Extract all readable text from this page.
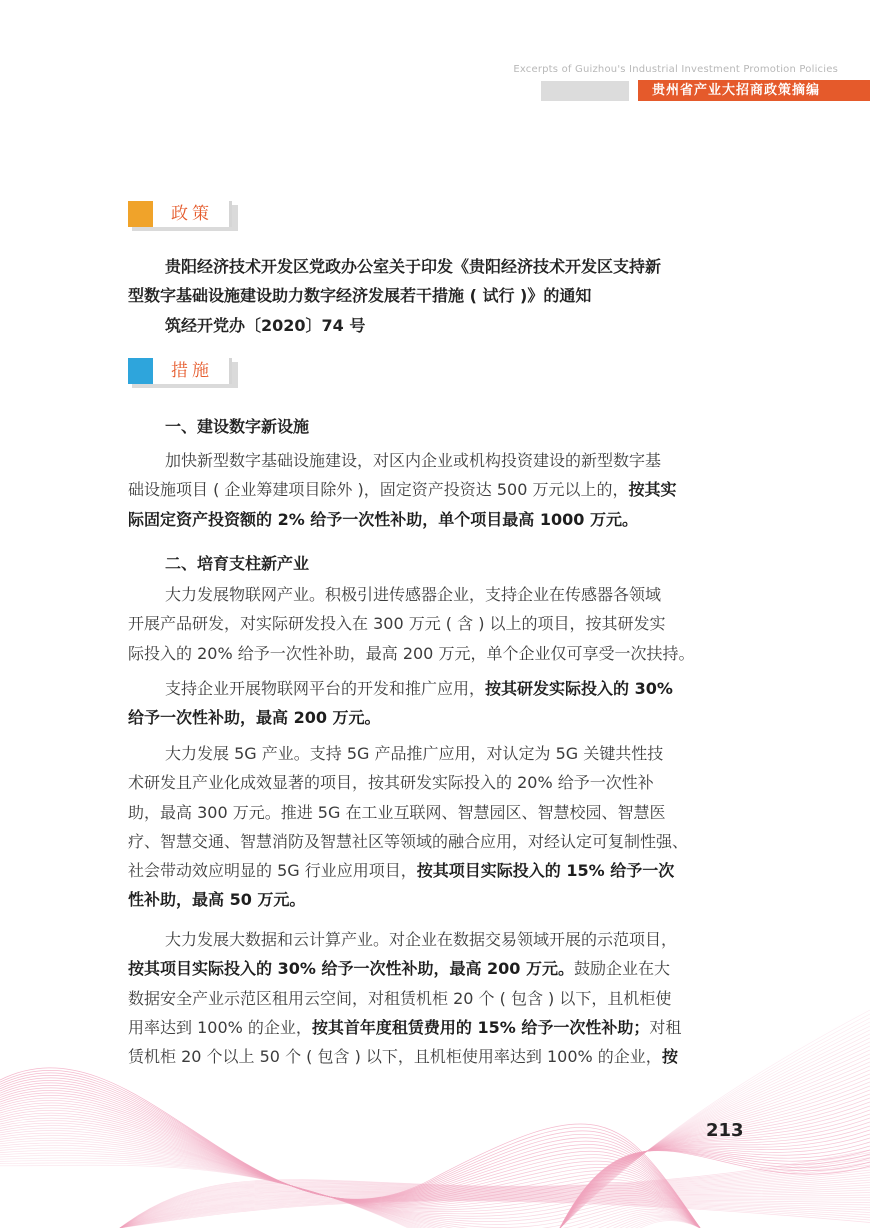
Excerpts of Guizhou's Industrial Investment Promotion Policies
贵州省产业大招商政策摘编
政策
贵阳经济技术开发区党政办公室关于印发《贵阳经济技术开发区支持新
型数字基础设施建设助力数字经济发展若干措施 ( 试行 )》的通知
筑经开党办〔2020〕74 号
措施
一、建设数字新设施
加快新型数字基础设施建设，对区内企业或机构投资建设的新型数字基
础设施项目 ( 企业筹建项目除外 )，固定资产投资达 500 万元以上的，按其实
际固定资产投资额的 2% 给予一次性补助，单个项目最高 1000 万元。
二、培育支柱新产业
大力发展物联网产业。积极引进传感器企业，支持企业在传感器各领域
开展产品研发，对实际研发投入在 300 万元 ( 含 ) 以上的项目，按其研发实
际投入的 20% 给予一次性补助，最高 200 万元，单个企业仅可享受一次扶持。
支持企业开展物联网平台的开发和推广应用，按其研发实际投入的 30%
给予一次性补助，最高 200 万元。
大力发展 5G 产业。支持 5G 产品推广应用，对认定为 5G 关键共性技
术研发且产业化成效显著的项目，按其研发实际投入的 20% 给予一次性补
助，最高 300 万元。推进 5G 在工业互联网、智慧园区、智慧校园、智慧医
疗、智慧交通、智慧消防及智慧社区等领域的融合应用，对经认定可复制性强、
社会带动效应明显的 5G 行业应用项目，按其项目实际投入的 15% 给予一次
性补助，最高 50 万元。
大力发展大数据和云计算产业。对企业在数据交易领域开展的示范项目，
按其项目实际投入的 30% 给予一次性补助，最高 200 万元。鼓励企业在大
数据安全产业示范区租用云空间，对租赁机柜 20 个 ( 包含 ) 以下，且机柜使
用率达到 100% 的企业，按其首年度租赁费用的 15% 给予一次性补助；对租
赁机柜 20 个以上 50 个 ( 包含 ) 以下，且机柜使用率达到 100% 的企业，按
213
